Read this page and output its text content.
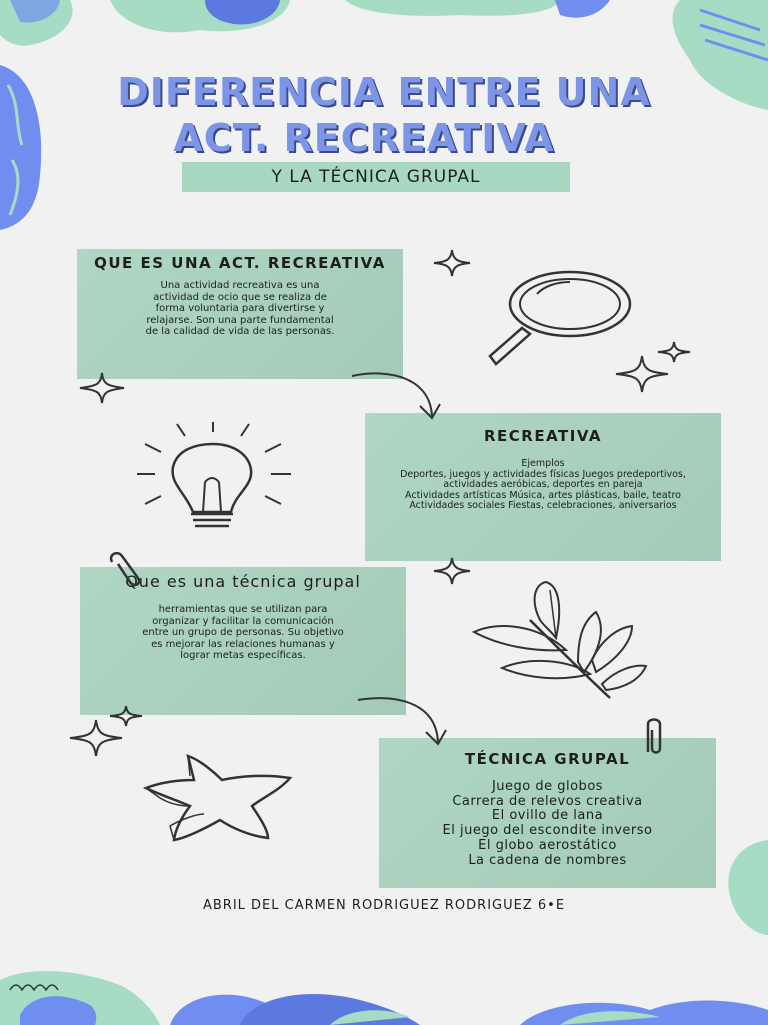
DIFERENCIA ENTRE UNA
ACT. RECREATIVA
Y LA TÉCNICA GRUPAL
QUE ES UNA ACT. RECREATIVA

Una actividad recreativa es una actividad de ocio que se realiza de forma voluntaria para divertirse y relajarse. Son una parte fundamental de la calidad de vida de las personas.

RECREATIVA

Ejemplos
Deportes, juegos y actividades físicas Juegos predeportivos, actividades aeróbicas, deportes en pareja
Actividades artísticas Música, artes plásticas, baile, teatro
Actividades sociales Fiestas, celebraciones, aniversarios

Que es una técnica grupal

herramientas que se utilizan para organizar y facilitar la comunicación entre un grupo de personas. Su objetivo es mejorar las relaciones humanas y lograr metas específicas.

TÉCNICA GRUPAL
Juego de globos
Carrera de relevos creativa
El ovillo de lana
El juego del escondite inverso
El globo aerostático
La cadena de nombres
ABRIL DEL CARMEN RODRIGUEZ RODRIGUEZ 6•E
